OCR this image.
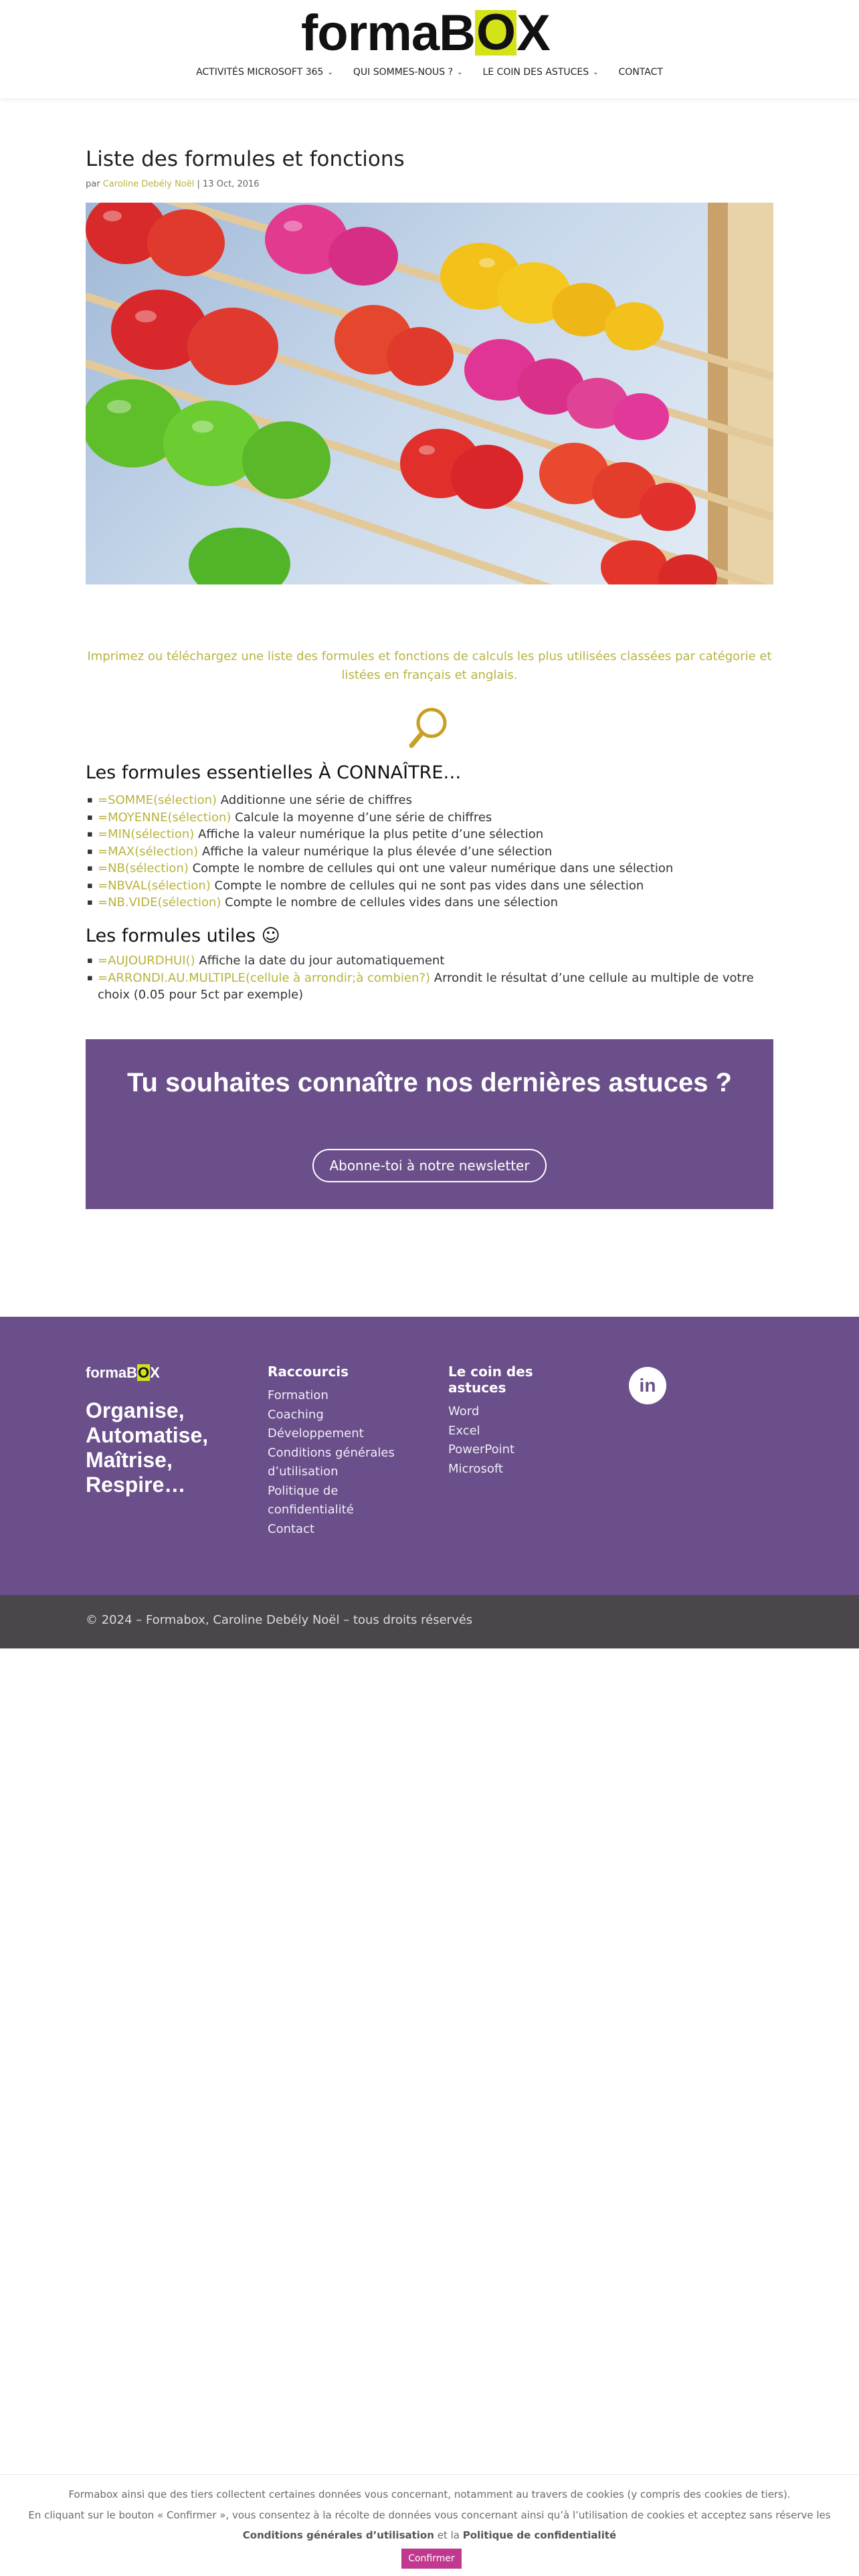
forma B O X
ACTIVITÉS MICROSOFT 365 ⌄ QUI SOMMES-NOUS ? ⌄ LE COIN DES ASTUCES ⌄ CONTACT
Liste des formules et fonctions
par Caroline Debély Noël | 13 Oct, 2016

Imprimez ou téléchargez une liste des formules et fonctions de calculs les plus utilisées classées par catégorie et listées en français et anglais.

Les formules essentielles À CONNAÎTRE…
▪ =SOMME(sélection) Additionne une série de chiffres
▪ =MOYENNE(sélection) Calcule la moyenne d’une série de chiffres
▪ =MIN(sélection) Affiche la valeur numérique la plus petite d’une sélection
▪ =MAX(sélection) Affiche la valeur numérique la plus élevée d’une sélection
▪ =NB(sélection) Compte le nombre de cellules qui ont une valeur numérique dans une sélection
▪ =NBVAL(sélection) Compte le nombre de cellules qui ne sont pas vides dans une sélection
▪ =NB.VIDE(sélection) Compte le nombre de cellules vides dans une sélection
Les formules utiles ☺
▪ =AUJOURDHUI() Affiche la date du jour automatiquement
▪ =ARRONDI.AU.MULTIPLE(cellule à arrondir;à combien?) Arrondit le résultat d’une cellule au multiple de votre choix (0.05 pour 5ct par exemple)
Tu souhaites connaître nos dernières astuces ?
Abonne-toi à notre newsletter
formaBOX
Organise, Automatise, Maîtrise, Respire…
Raccourcis
Formation
Coaching
Développement
Conditions générales d’utilisation
Politique de confidentialité
Contact
Le coin des astuces
Word
Excel
PowerPoint
Microsoft
in
© 2024 – Formabox, Caroline Debély Noël – tous droits réservés
Formabox ainsi que des tiers collectent certaines données vous concernant, notamment au travers de cookies (y compris des cookies de tiers).
En cliquant sur le bouton « Confirmer », vous consentez à la récolte de données vous concernant ainsi qu’à l’utilisation de cookies et acceptez sans réserve les Conditions générales d’utilisation et la Politique de confidentialité
Confirmer
